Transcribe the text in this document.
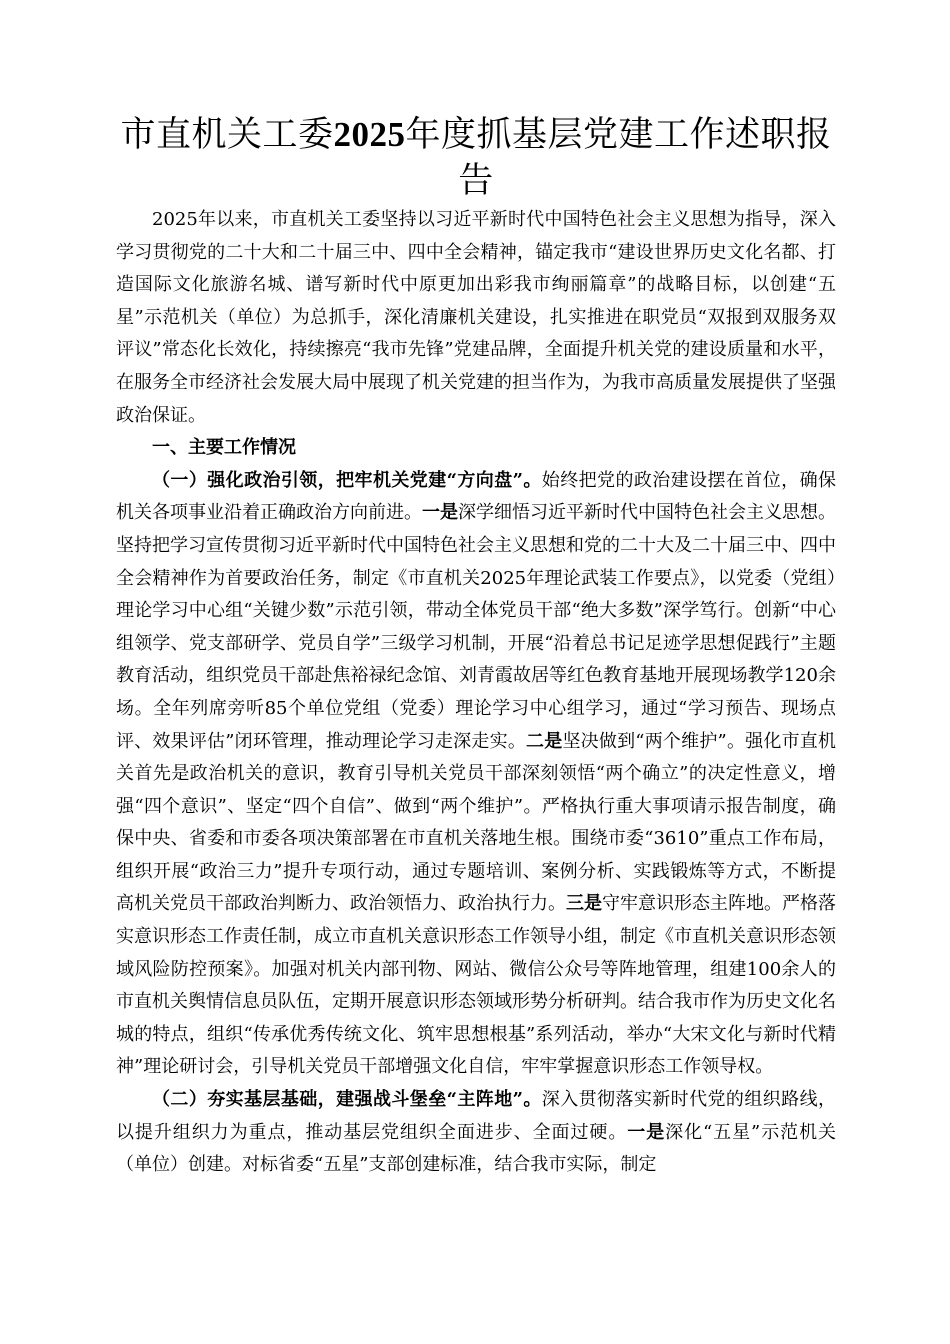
市直机关工委2025年度抓基层党建工作述职报告

2025年以来，市直机关工委坚持以习近平新时代中国特色社会主义思想为指导，深入学习贯彻党的二十大和二十届三中、四中全会精神，锚定我市“建设世界历史文化名都、打造国际文化旅游名城、谱写新时代中原更加出彩我市绚丽篇章”的战略目标，以创建“五星”示范机关（单位）为总抓手，深化清廉机关建设，扎实推进在职党员“双报到双服务双评议”常态化长效化，持续擦亮“我市先锋”党建品牌，全面提升机关党的建设质量和水平，在服务全市经济社会发展大局中展现了机关党建的担当作为，为我市高质量发展提供了坚强政治保证。

一、主要工作情况

（一）强化政治引领，把牢机关党建“方向盘”。始终把党的政治建设摆在首位，确保机关各项事业沿着正确政治方向前进。一是深学细悟习近平新时代中国特色社会主义思想。坚持把学习宣传贯彻习近平新时代中国特色社会主义思想和党的二十大及二十届三中、四中全会精神作为首要政治任务，制定《市直机关2025年理论武装工作要点》，以党委（党组）理论学习中心组“关键少数”示范引领，带动全体党员干部“绝大多数”深学笃行。创新“中心组领学、党支部研学、党员自学”三级学习机制，开展“沿着总书记足迹学思想促践行”主题教育活动，组织党员干部赴焦裕禄纪念馆、刘青霞故居等红色教育基地开展现场教学120余场。全年列席旁听85个单位党组（党委）理论学习中心组学习，通过“学习预告、现场点评、效果评估”闭环管理，推动理论学习走深走实。二是坚决做到“两个维护”。强化市直机关首先是政治机关的意识，教育引导机关党员干部深刻领悟“两个确立”的决定性意义，增强“四个意识”、坚定“四个自信”、做到“两个维护”。严格执行重大事项请示报告制度，确保中央、省委和市委各项决策部署在市直机关落地生根。围绕市委“3610”重点工作布局，组织开展“政治三力”提升专项行动，通过专题培训、案例分析、实践锻炼等方式，不断提高机关党员干部政治判断力、政治领悟力、政治执行力。三是守牢意识形态主阵地。严格落实意识形态工作责任制，成立市直机关意识形态工作领导小组，制定《市直机关意识形态领域风险防控预案》。加强对机关内部刊物、网站、微信公众号等阵地管理，组建100余人的市直机关舆情信息员队伍，定期开展意识形态领域形势分析研判。结合我市作为历史文化名城的特点，组织“传承优秀传统文化、筑牢思想根基”系列活动，举办“大宋文化与新时代精神”理论研讨会，引导机关党员干部增强文化自信，牢牢掌握意识形态工作领导权。

（二）夯实基层基础，建强战斗堡垒“主阵地”。深入贯彻落实新时代党的组织路线，以提升组织力为重点，推动基层党组织全面进步、全面过硬。一是深化“五星”示范机关（单位）创建。对标省委“五星”支部创建标准，结合我市实际，制定
